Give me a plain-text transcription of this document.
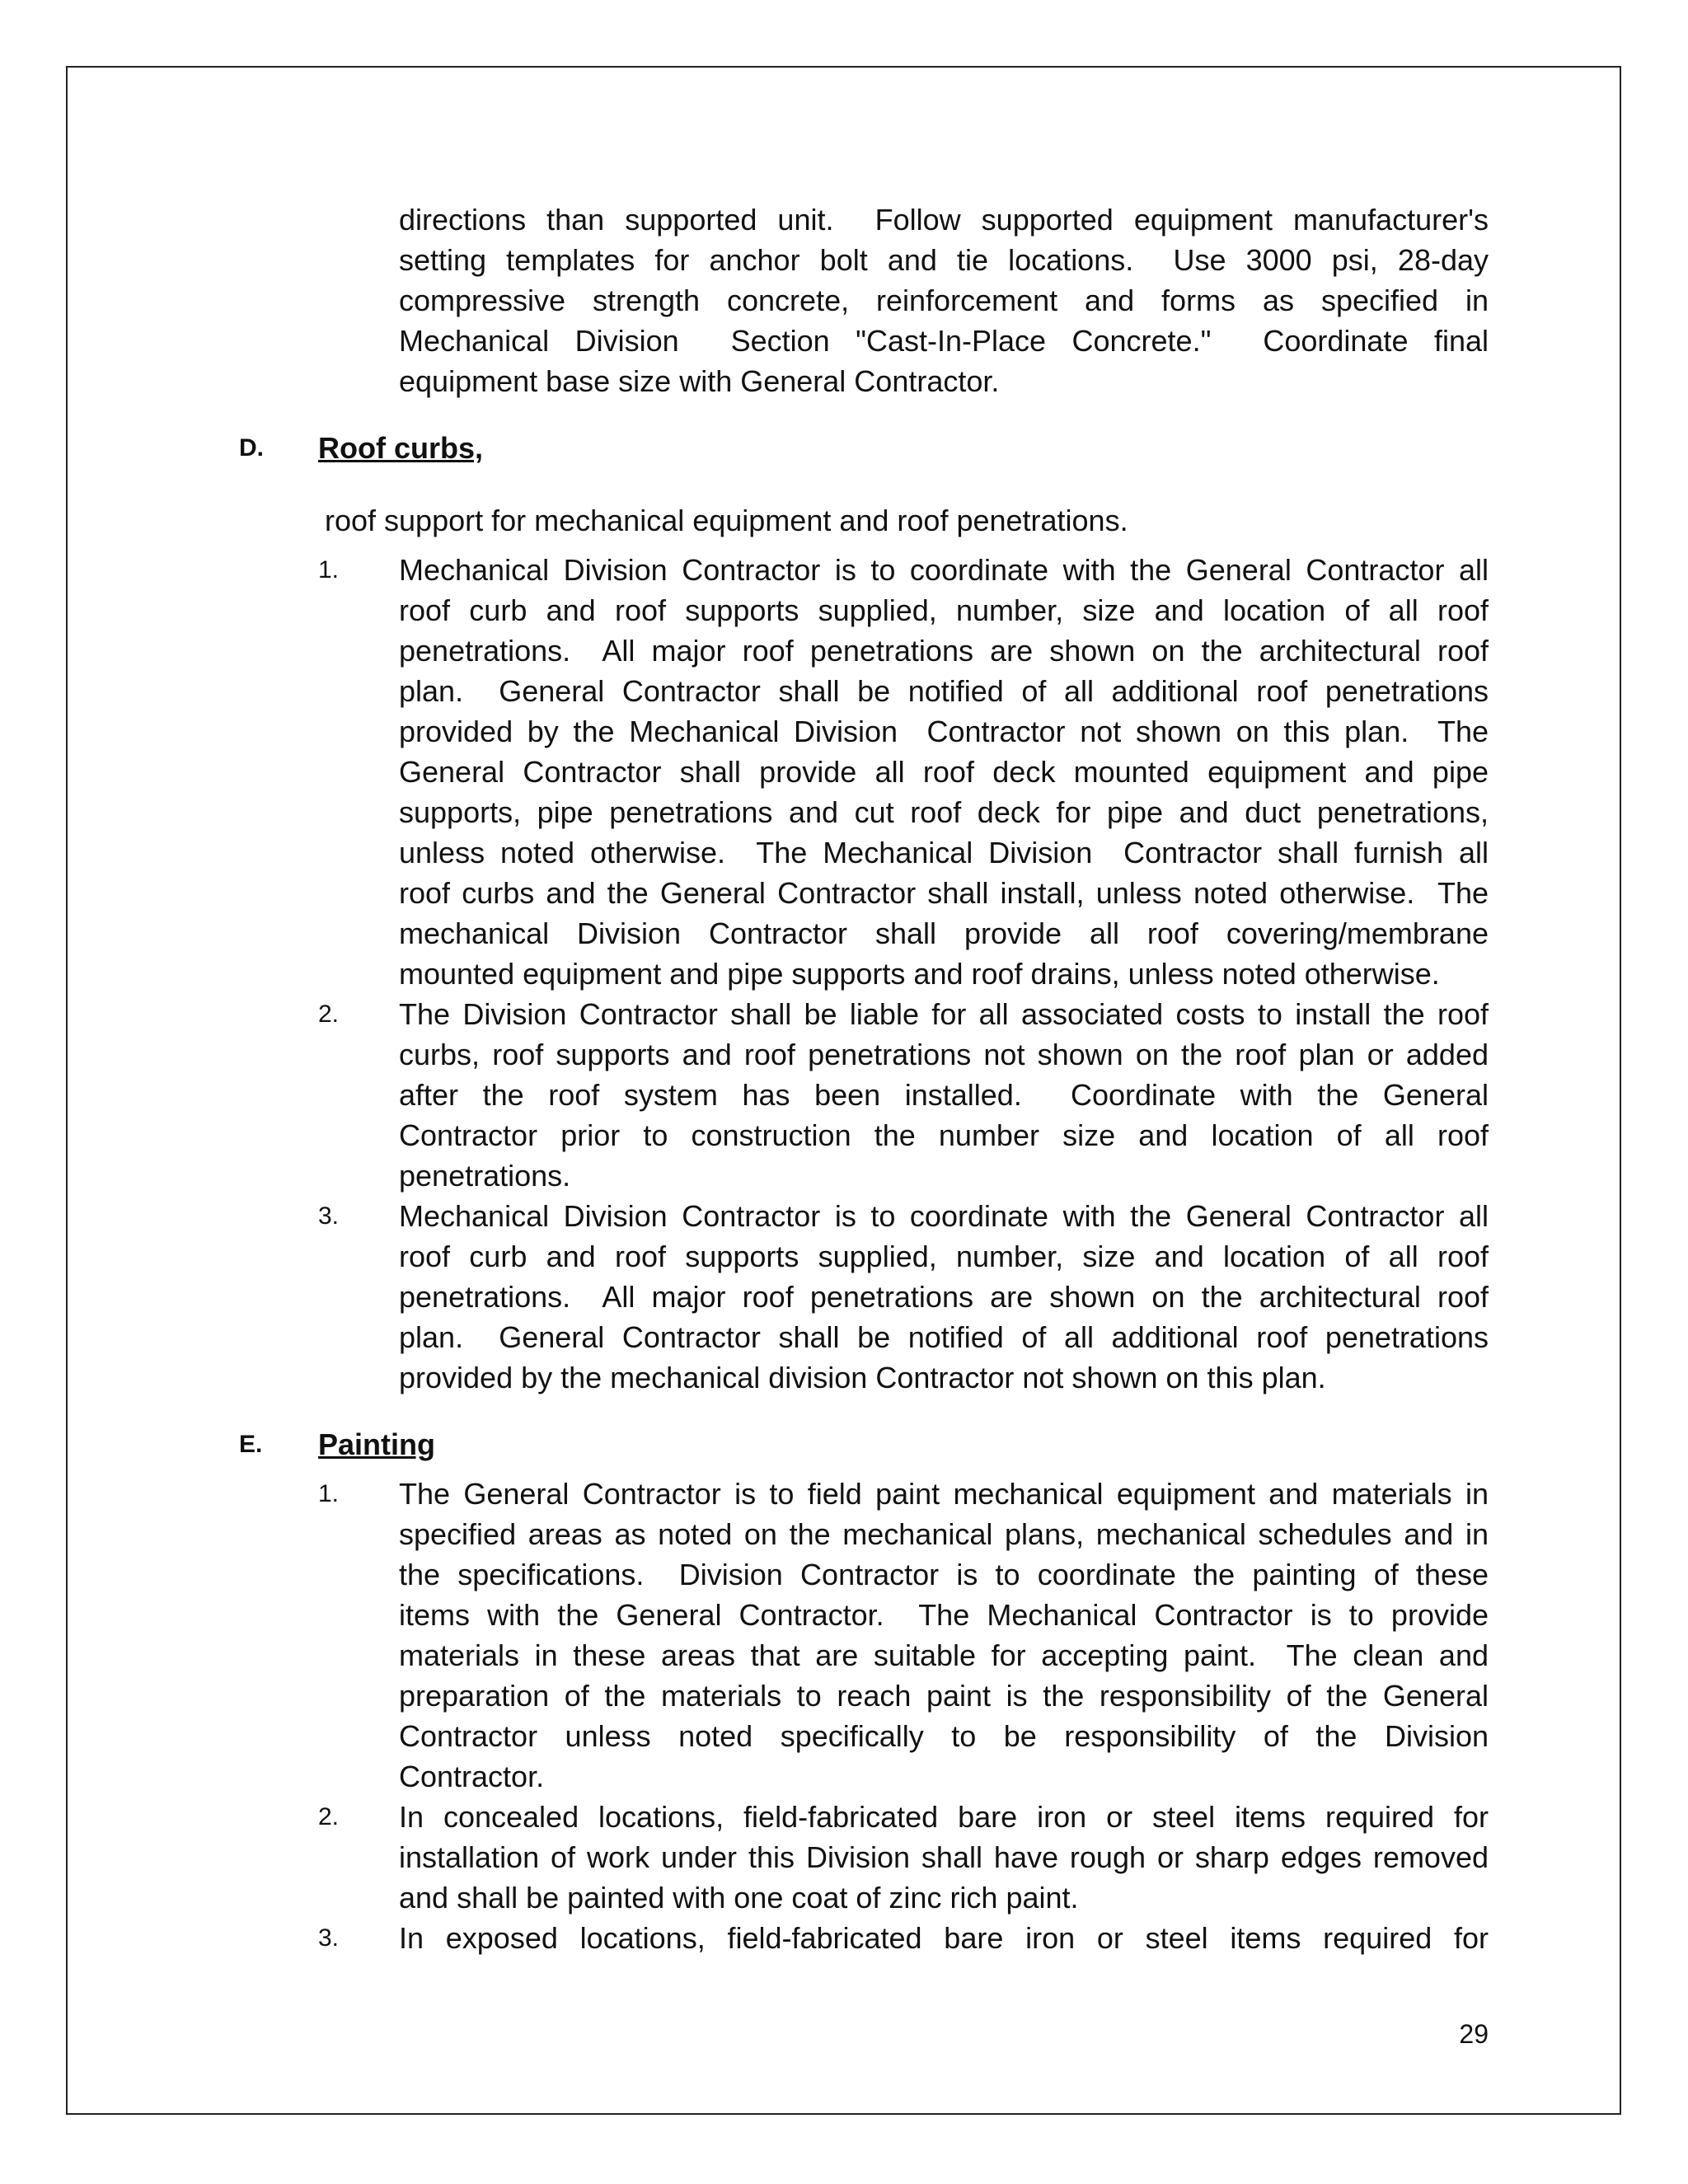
directions than supported unit.  Follow supported equipment manufacturer's
setting templates for anchor bolt and tie locations.  Use 3000 psi, 28-day
compressive strength concrete, reinforcement and forms as specified in
Mechanical Division  Section "Cast-In-Place Concrete."  Coordinate final
equipment base size with General Contractor.
D. Roof curbs,
roof support for mechanical equipment and roof penetrations.
1. Mechanical Division Contractor is to coordinate with the General Contractor all
roof curb and roof supports supplied, number, size and location of all roof
penetrations.  All major roof penetrations are shown on the architectural roof
plan.  General Contractor shall be notified of all additional roof penetrations
provided by the Mechanical Division  Contractor not shown on this plan.  The
General Contractor shall provide all roof deck mounted equipment and pipe
supports, pipe penetrations and cut roof deck for pipe and duct penetrations,
unless noted otherwise.  The Mechanical Division  Contractor shall furnish all
roof curbs and the General Contractor shall install, unless noted otherwise.  The
mechanical Division Contractor shall provide all roof covering/membrane
mounted equipment and pipe supports and roof drains, unless noted otherwise.
2. The Division Contractor shall be liable for all associated costs to install the roof
curbs, roof supports and roof penetrations not shown on the roof plan or added
after the roof system has been installed.  Coordinate with the General
Contractor prior to construction the number size and location of all roof
penetrations.
3. Mechanical Division Contractor is to coordinate with the General Contractor all
roof curb and roof supports supplied, number, size and location of all roof
penetrations.  All major roof penetrations are shown on the architectural roof
plan.  General Contractor shall be notified of all additional roof penetrations
provided by the mechanical division Contractor not shown on this plan.
E. Painting
1. The General Contractor is to field paint mechanical equipment and materials in
specified areas as noted on the mechanical plans, mechanical schedules and in
the specifications.  Division Contractor is to coordinate the painting of these
items with the General Contractor.  The Mechanical Contractor is to provide
materials in these areas that are suitable for accepting paint.  The clean and
preparation of the materials to reach paint is the responsibility of the General
Contractor unless noted specifically to be responsibility of the Division
Contractor.
2. In concealed locations, field-fabricated bare iron or steel items required for
installation of work under this Division shall have rough or sharp edges removed
and shall be painted with one coat of zinc rich paint.
3. In exposed locations, field-fabricated bare iron or steel items required for
29
